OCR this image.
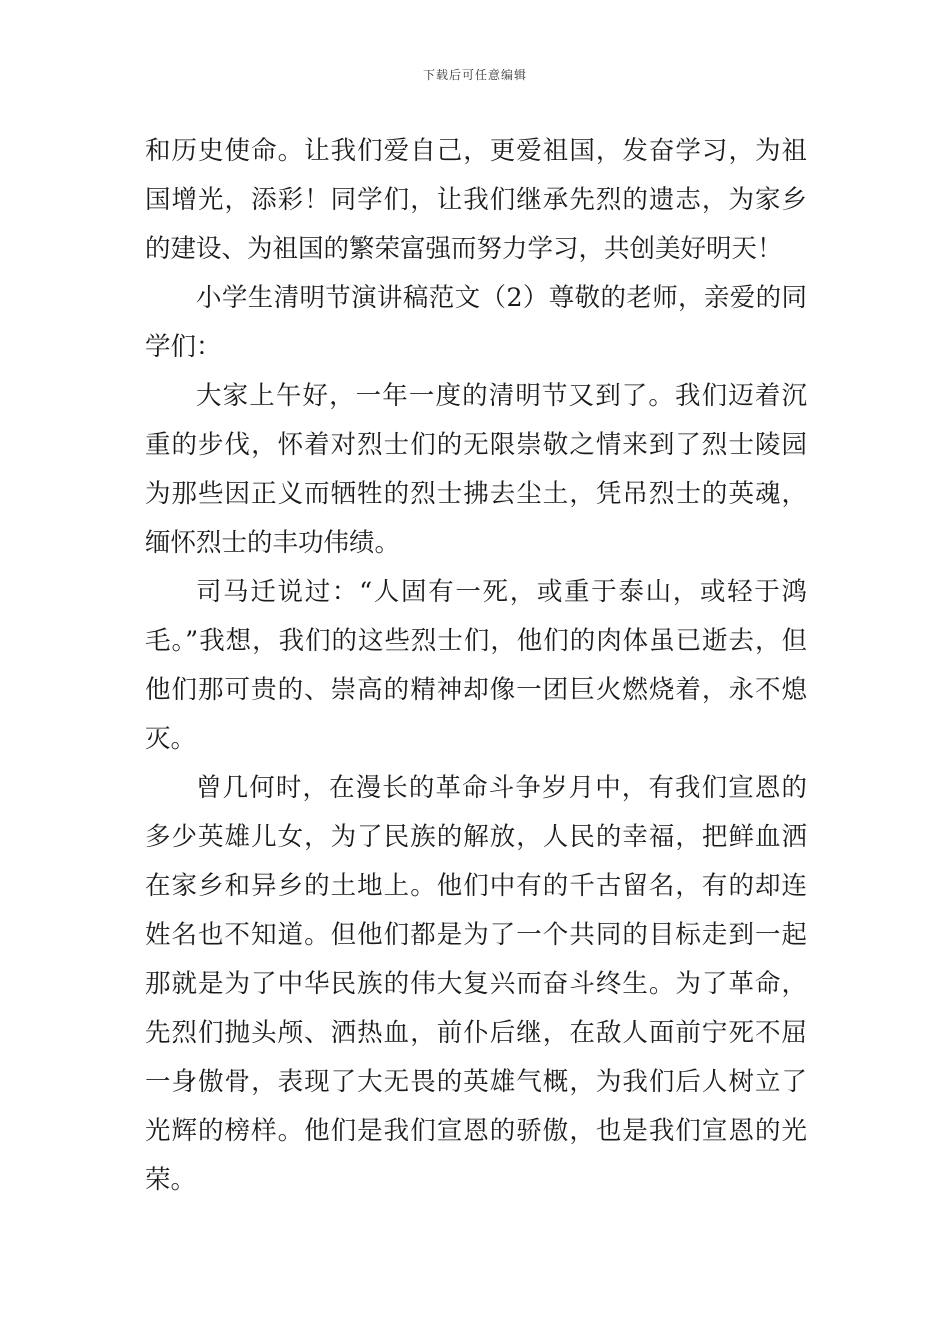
下载后可任意编辑

和历史使命。让我们爱自己，更爱祖国，发奋学习，为祖国增光，添彩！同学们，让我们继承先烈的遗志，为家乡的建设、为祖国的繁荣富强而努力学习，共创美好明天！

小学生清明节演讲稿范文（2）尊敬的老师，亲爱的同学们：

大家上午好，一年一度的清明节又到了。我们迈着沉重的步伐，怀着对烈士们的无限崇敬之情来到了烈士陵园为那些因正义而牺牲的烈士拂去尘土，凭吊烈士的英魂，缅怀烈士的丰功伟绩。

司马迁说过：“人固有一死，或重于泰山，或轻于鸿毛。”我想，我们的这些烈士们，他们的肉体虽已逝去，但他们那可贵的、崇高的精神却像一团巨火燃烧着，永不熄灭。

曾几何时，在漫长的革命斗争岁月中，有我们宣恩的多少英雄儿女，为了民族的解放，人民的幸福，把鲜血洒在家乡和异乡的土地上。他们中有的千古留名，有的却连姓名也不知道。但他们都是为了一个共同的目标走到一起那就是为了中华民族的伟大复兴而奋斗终生。为了革命，先烈们抛头颅、洒热血，前仆后继，在敌人面前宁死不屈一身傲骨，表现了大无畏的英雄气概，为我们后人树立了光辉的榜样。他们是我们宣恩的骄傲，也是我们宣恩的光荣。
